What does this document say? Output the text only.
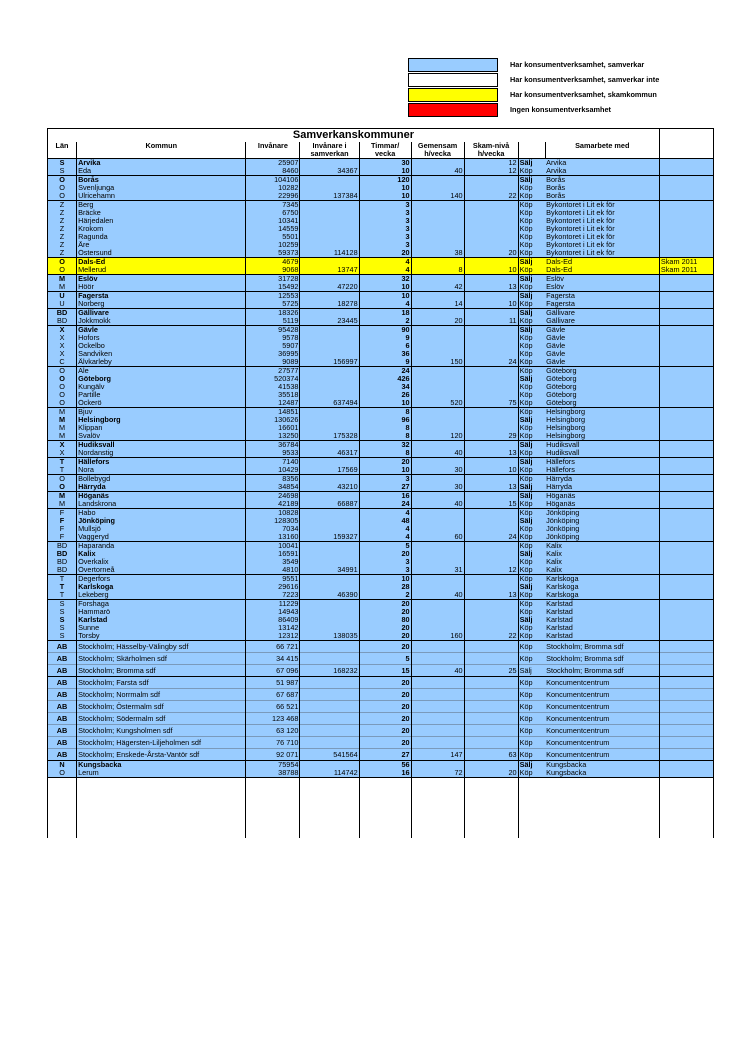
Har konsumentverksamhet, samverkar
Har konsumentverksamhet, samverkar inte
Har konsumentverksamhet, skamkommun
Ingen konsumentverksamhet
Samverkanskommuner									
Län	Kommun	Invånare	Invånare i samverkan	Timmar/ vecka	Gemensam h/vecka	Skam-nivå h/vecka		Samarbete med	
S	Arvika	25907		30		12	Sälj	Arvika	
S	Eda	8460	34367	10	40	12	Köp	Arvika	
O	Borås	104106		120			Sälj	Borås	
O	Svenljunga	10282		10			Köp	Borås	
O	Ulricehamn	22996	137384	10	140	22	Köp	Borås	
Z	Berg	7345		3			Köp	Bykontoret i Lit ek för	
Z	Bräcke	6750		3			Köp	Bykontoret i Lit ek för	
Z	Härjedalen	10341		3			Köp	Bykontoret i Lit ek för	
Z	Krokom	14559		3			Köp	Bykontoret i Lit ek för	
Z	Ragunda	5501		3			Köp	Bykontoret i Lit ek för	
Z	Åre	10259		3			Köp	Bykontoret i Lit ek för	
Z	Östersund	59373	114128	20	38	20	Köp	Bykontoret i Lit ek för	
O	Dals-Ed	4679		4			Sälj	Dals-Ed	Skam 2011
O	Mellerud	9068	13747	4	8	10	Köp	Dals-Ed	Skam 2011
M	Eslöv	31728		32			Sälj	Eslöv	
M	Höör	15492	47220	10	42	13	Köp	Eslöv	
U	Fagersta	12553		10			Sälj	Fagersta	
U	Norberg	5725	18278	4	14	10	Köp	Fagersta	
BD	Gällivare	18326		18			Sälj	Gällivare	
BD	Jokkmokk	5119	23445	2	20	11	Köp	Gällivare	
X	Gävle	95428		90			Sälj	Gävle	
X	Hofors	9578		9			Köp	Gävle	
X	Ockelbo	5907		6			Köp	Gävle	
X	Sandviken	36995		36			Köp	Gävle	
C	Älvkarleby	9089	156997	9	150	24	Köp	Gävle	
O	Ale	27577		24			Köp	Göteborg	
O	Göteborg	520374		426			Sälj	Göteborg	
O	Kungälv	41538		34			Köp	Göteborg	
O	Partille	35518		26			Köp	Göteborg	
O	Öckerö	12487	637494	10	520	75	Köp	Göteborg	
M	Bjuv	14851		8			Köp	Helsingborg	
M	Helsingborg	130626		96			Sälj	Helsingborg	
M	Klippan	16601		8			Köp	Helsingborg	
M	Svalöv	13250	175328	8	120	29	Köp	Helsingborg	
X	Hudiksvall	36784		32			Sälj	Hudiksvall	
X	Nordanstig	9533	46317	8	40	13	Köp	Hudiksvall	
T	Hällefors	7140		20			Sälj	Hällefors	
T	Nora	10429	17569	10	30	10	Köp	Hällefors	
O	Bollebygd	8356		3			Köp	Härryda	
O	Härryda	34854	43210	27	30	13	Sälj	Härryda	
M	Höganäs	24698		16			Sälj	Höganäs	
M	Landskrona	42189	66887	24	40	15	Köp	Höganäs	
F	Habo	10828		4			Köp	Jönköping	
F	Jönköping	128305		48			Sälj	Jönköping	
F	Mullsjö	7034		4			Köp	Jönköping	
F	Vaggeryd	13160	159327	4	60	24	Köp	Jönköping	
BD	Haparanda	10041		5			Köp	Kalix	
BD	Kalix	16591		20			Sälj	Kalix	
BD	Överkalix	3549		3			Köp	Kalix	
BD	Övertorneå	4810	34991	3	31	12	Köp	Kalix	
T	Degerfors	9551		10			Köp	Karlskoga	
T	Karlskoga	29616		28			Sälj	Karlskoga	
T	Lekeberg	7223	46390	2	40	13	Köp	Karlskoga	
S	Forshaga	11229		20			Köp	Karlstad	
S	Hammarö	14943		20			Köp	Karlstad	
S	Karlstad	86409		80			Sälj	Karlstad	
S	Sunne	13142		20			Köp	Karlstad	
S	Torsby	12312	138035	20	160	22	Köp	Karlstad	
AB	Stockholm; Hässelby-Välingby sdf	66 721		20			Köp	Stockholm; Bromma sdf	
AB	Stockholm; Skärholmen sdf	34 415		5			Köp	Stockholm; Bromma sdf	
AB	Stockholm; Bromma sdf	67 096	168232	15	40	25	Sälj	Stockholm; Bromma sdf	
AB	Stockholm; Farsta sdf	51 987		20			Köp	Koncumentcentrum	
AB	Stockholm; Norrmalm sdf	67 687		20			Köp	Koncumentcentrum	
AB	Stockholm; Östermalm sdf	66 521		20			Köp	Koncumentcentrum	
AB	Stockholm; Södermalm sdf	123 468		20			Köp	Koncumentcentrum	
AB	Stockholm; Kungsholmen sdf	63 120		20			Köp	Koncumentcentrum	
AB	Stockholm; Hägersten-Liljeholmen sdf	76 710		20			Köp	Koncumentcentrum	
AB	Stockholm; Enskede-Årsta-Vantör sdf	92 071	541564	27	147	63	Köp	Koncumentcentrum	
N	Kungsbacka	75954		56			Sälj	Kungsbacka	
O	Lerum	38788	114742	16	72	20	Köp	Kungsbacka	
